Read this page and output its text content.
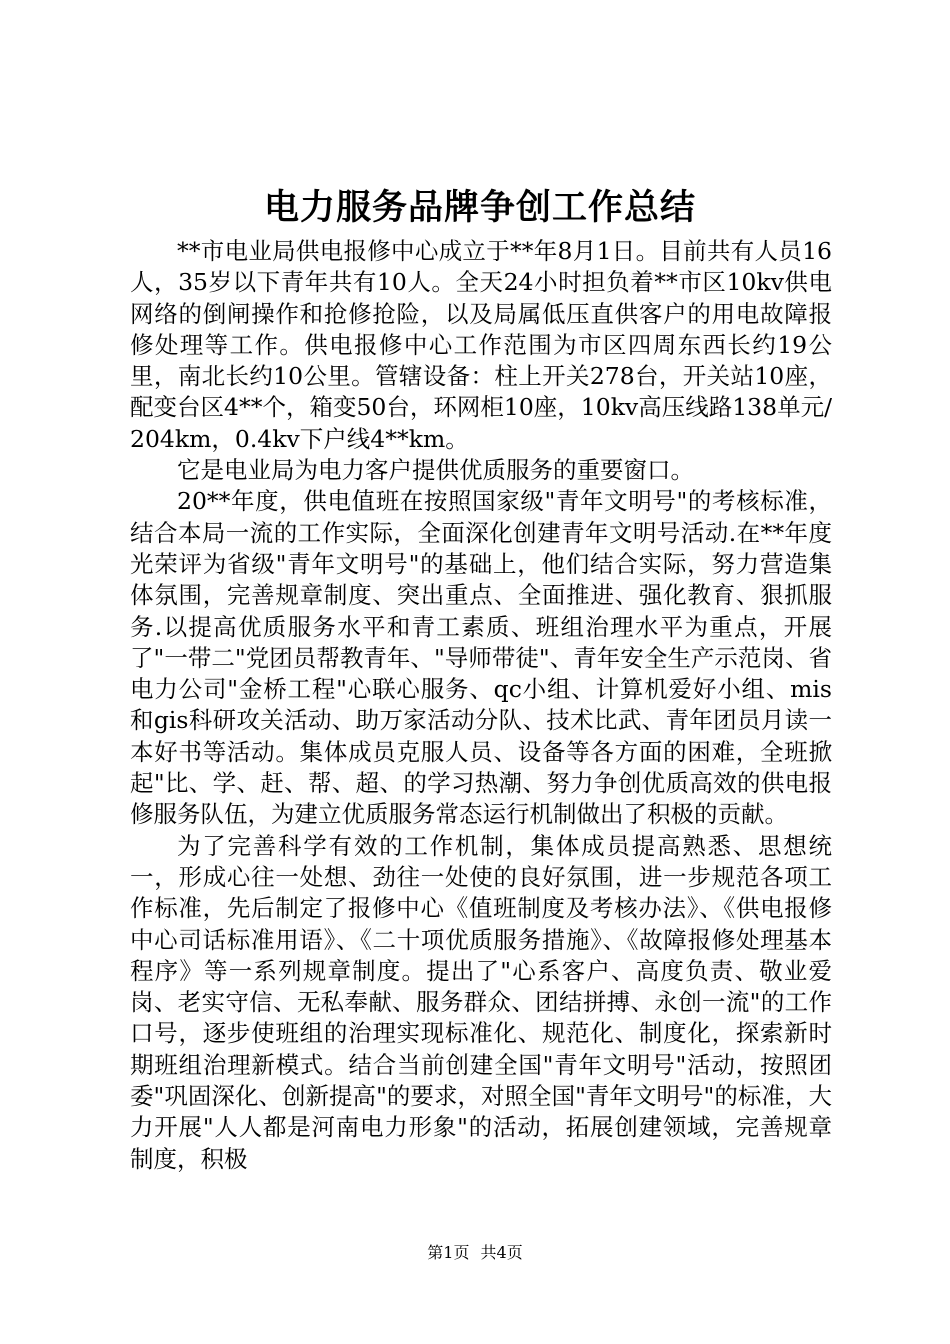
电力服务品牌争创工作总结

**市电业局供电报修中心成立于**年8月1日。目前共有人员16人，35岁以下青年共有10人。全天24小时担负着**市区10kv供电网络的倒闸操作和抢修抢险，以及局属低压直供客户的用电故障报修处理等工作。供电报修中心工作范围为市区四周东西长约19公里，南北长约10公里。管辖设备：柱上开关278台，开关站10座，配变台区4**个，箱变50台，环网柜10座，10kv高压线路138单元/204km，0.4kv下户线4**km。

它是电业局为电力客户提供优质服务的重要窗口。

20**年度，供电值班在按照国家级"青年文明号"的考核标准，结合本局一流的工作实际，全面深化创建青年文明号活动.在**年度光荣评为省级"青年文明号"的基础上，他们结合实际，努力营造集体氛围，完善规章制度、突出重点、全面推进、强化教育、狠抓服务.以提高优质服务水平和青工素质、班组治理水平为重点，开展了"一带二"党团员帮教青年、"导师带徒"、青年安全生产示范岗、省电力公司"金桥工程"心联心服务、qc小组、计算机爱好小组、mis和gis科研攻关活动、助万家活动分队、技术比武、青年团员月读一本好书等活动。集体成员克服人员、设备等各方面的困难，全班掀起"比、学、赶、帮、超、的学习热潮、努力争创优质高效的供电报修服务队伍，为建立优质服务常态运行机制做出了积极的贡献。

为了完善科学有效的工作机制，集体成员提高熟悉、思想统一，形成心往一处想、劲往一处使的良好氛围，进一步规范各项工作标准，先后制定了报修中心《值班制度及考核办法》、《供电报修中心司话标准用语》、《二十项优质服务措施》、《故障报修处理基本程序》等一系列规章制度。提出了"心系客户、高度负责、敬业爱岗、老实守信、无私奉献、服务群众、团结拼搏、永创一流"的工作口号，逐步使班组的治理实现标准化、规范化、制度化，探索新时期班组治理新模式。结合当前创建全国"青年文明号"活动，按照团委"巩固深化、创新提高"的要求，对照全国"青年文明号"的标准，大力开展"人人都是河南电力形象"的活动，拓展创建领域，完善规章制度，积极

第1页 共4页
